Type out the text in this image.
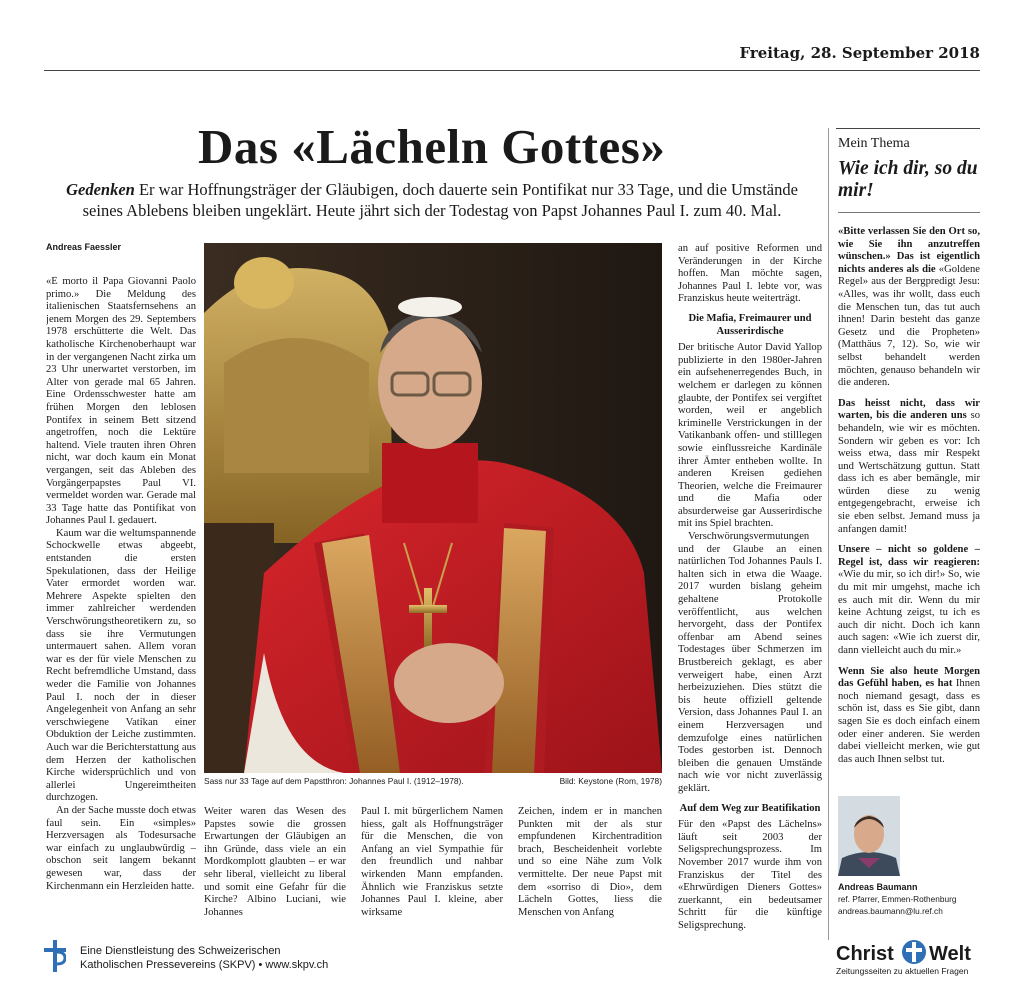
Freitag, 28. September 2018
Das «Lächeln Gottes»
Gedenken Er war Hoffnungsträger der Gläubigen, doch dauerte sein Pontifikat nur 33 Tage, und die Umstände seines Ablebens bleiben ungeklärt. Heute jährt sich der Todestag von Papst Johannes Paul I. zum 40. Mal.
Andreas Faessler

«È morto il Papa Giovanni Paolo primo.» Die Meldung des italienischen Staatsfernsehens an jenem Morgen des 29. Septembers 1978 erschütterte die Welt. Das katholische Kirchenoberhaupt war in der vergangenen Nacht zirka um 23 Uhr unerwartet verstorben, im Alter von gerade mal 65 Jahren. Eine Ordensschwester hatte am frühen Morgen den leblosen Pontifex in seinem Bett sitzend angetroffen, noch die Lektüre haltend. Viele trauten ihren Ohren nicht, war doch kaum ein Monat vergangen, seit das Ableben des Vorgängerpapstes Paul VI. vermeldet worden war. Gerade mal 33 Tage hatte das Pontifikat von Johannes Paul I. gedauert.

Kaum war die weltumspannende Schockwelle etwas abgeebt, entstanden die ersten Spekulationen, dass der Heilige Vater ermordet worden war. Mehrere Aspekte spielten den immer zahlreicher werdenden Verschwörungstheoretikern zu, so dass sie ihre Vermutungen untermauert sahen. Allem voran war es der für viele Menschen zu Recht befremdliche Umstand, dass weder die Familie von Johannes Paul I. noch der in dieser Angelegenheit von Anfang an sehr verschwiegene Vatikan einer Obduktion der Leiche zustimmten. Auch war die Berichterstattung aus dem Herzen der katholischen Kirche widersprüchlich und von allerlei Ungereimtheiten durchzogen.

An der Sache musste doch etwas faul sein. Ein «simples» Herzversagen als Todesursache war einfach zu unglaubwürdig – obschon seit langem bekannt gewesen war, dass der Kirchenmann ein Herzleiden hatte.

Sass nur 33 Tage auf dem Papstthron: Johannes Paul I. (1912–1978).	Bild: Keystone (Rom, 1978)

Weiter waren das Wesen des Papstes sowie die grossen Erwartungen der Gläubigen an ihn Gründe, dass viele an ein Mordkomplott glaubten – er war sehr liberal, vielleicht zu liberal und somit eine Gefahr für die Kirche? Albino Luciani, wie Johannes

Paul I. mit bürgerlichem Namen hiess, galt als Hoffnungsträger für die Menschen, die von Anfang an viel Sympathie für den freundlich und nahbar wirkenden Mann empfanden. Ähnlich wie Franziskus setzte Johannes Paul I. kleine, aber wirksame

Zeichen, indem er in manchen Punkten mit der als stur empfundenen Kirchentradition brach, Bescheidenheit vorlebte und so eine Nähe zum Volk vermittelte. Der neue Papst mit dem «sorriso di Dio», dem Lächeln Gottes, liess die Menschen von Anfang

an auf positive Reformen und Veränderungen in der Kirche hoffen. Man möchte sagen, Johannes Paul I. lebte vor, was Franziskus heute weiterträgt.

Die Mafia, Freimaurer und Ausserirdische

Der britische Autor David Yallop publizierte in den 1980er-Jahren ein aufsehenerregendes Buch, in welchem er darlegen zu können glaubte, der Pontifex sei vergiftet worden, weil er angeblich kriminelle Verstrickungen in der Vatikanbank offen- und stilllegen sowie einflussreiche Kardinäle ihrer Ämter entheben wollte. In anderen Kreisen gediehen Theorien, welche die Freimaurer und die Mafia oder absurderweise gar Ausserirdische mit ins Spiel brachten.

Verschwörungsvermutungen und der Glaube an einen natürlichen Tod Johannes Pauls I. halten sich in etwa die Waage. 2017 wurden bislang geheim gehaltene Protokolle veröffentlicht, aus welchen hervorgeht, dass der Pontifex offenbar am Abend seines Todestages über Schmerzen im Brustbereich geklagt, es aber verweigert habe, einen Arzt herbeizuziehen. Dies stützt die bis heute offiziell geltende Version, dass Johannes Paul I. an einem Herzversagen und demzufolge eines natürlichen Todes gestorben ist. Dennoch bleiben die genauen Umstände nach wie vor nicht zuverlässig geklärt.

Auf dem Weg zur Beatifikation

Für den «Papst des Lächelns» läuft seit 2003 der Seligsprechungsprozess. Im November 2017 wurde ihm von Franziskus der Titel des «Ehrwürdigen Dieners Gottes» zuerkannt, ein bedeutsamer Schritt für die künftige Seligsprechung.

Mein Thema
Wie ich dir, so du mir!

«Bitte verlassen Sie den Ort so, wie Sie ihn anzutreffen wünschen.» Das ist eigentlich nichts anderes als die «Goldene Regel» aus der Bergpredigt Jesu: «Alles, was ihr wollt, dass euch die Menschen tun, das tut auch ihnen! Darin besteht das ganze Gesetz und die Propheten» (Matthäus 7, 12). So, wie wir selbst behandelt werden möchten, genauso behandeln wir die anderen.

Das heisst nicht, dass wir warten, bis die anderen uns so behandeln, wie wir es möchten. Sondern wir geben es vor: Ich weiss etwa, dass mir Respekt und Wertschätzung guttun. Statt dass ich es aber bemängle, mir würden diese zu wenig entgegengebracht, erweise ich sie eben selbst. Jemand muss ja anfangen damit!

Unsere – nicht so goldene – Regel ist, dass wir reagieren: «Wie du mir, so ich dir!» So, wie du mit mir umgehst, mache ich es auch mit dir. Wenn du mir keine Achtung zeigst, tu ich es auch dir nicht. Doch ich kann auch sagen: «Wie ich zuerst dir, dann vielleicht auch du mir.»

Wenn Sie also heute Morgen das Gefühl haben, es hat Ihnen noch niemand gesagt, dass es schön ist, dass es Sie gibt, dann sagen Sie es doch einfach einem oder einer anderen. Sie werden dabei vielleicht merken, wie gut das auch Ihnen selbst tut.

Andreas Baumann
ref. Pfarrer, Emmen-Rothenburg
andreas.baumann@lu.ref.ch
Eine Dienstleistung des Schweizerischen
Katholischen Pressevereins (SKPV) • www.skpv.ch	Christ Welt
Zeitungsseiten zu aktuellen Fragen
